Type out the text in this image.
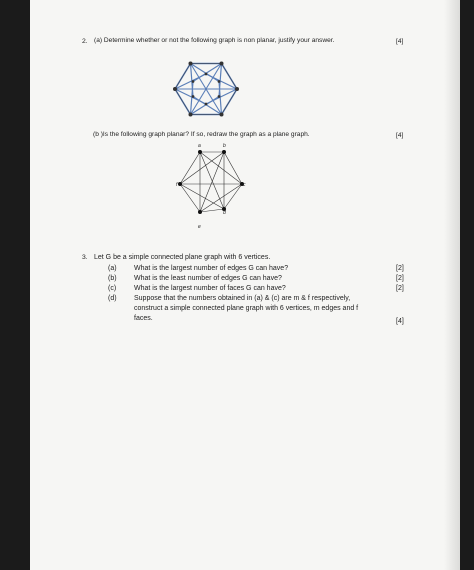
2. (a) Determine whether or not the following graph is non planar, justify your answer.	[4]
(b )Is the following graph planar? If so, redraw the graph as a plane graph.	[4]
a	b
c
d
e
f
3. Let G be a simple connected plane graph with 6 vertices.
(a)	What is the largest number of edges G can have?	[2]
(b)	What is the least number of edges G can have?	[2]
(c)	What is the largest number of faces G can have?	[2]
(d)	Suppose that the numbers obtained in (a) & (c) are m & f respectively,
construct a simple connected plane graph with 6 vertices, m edges and f
faces.	[4]
